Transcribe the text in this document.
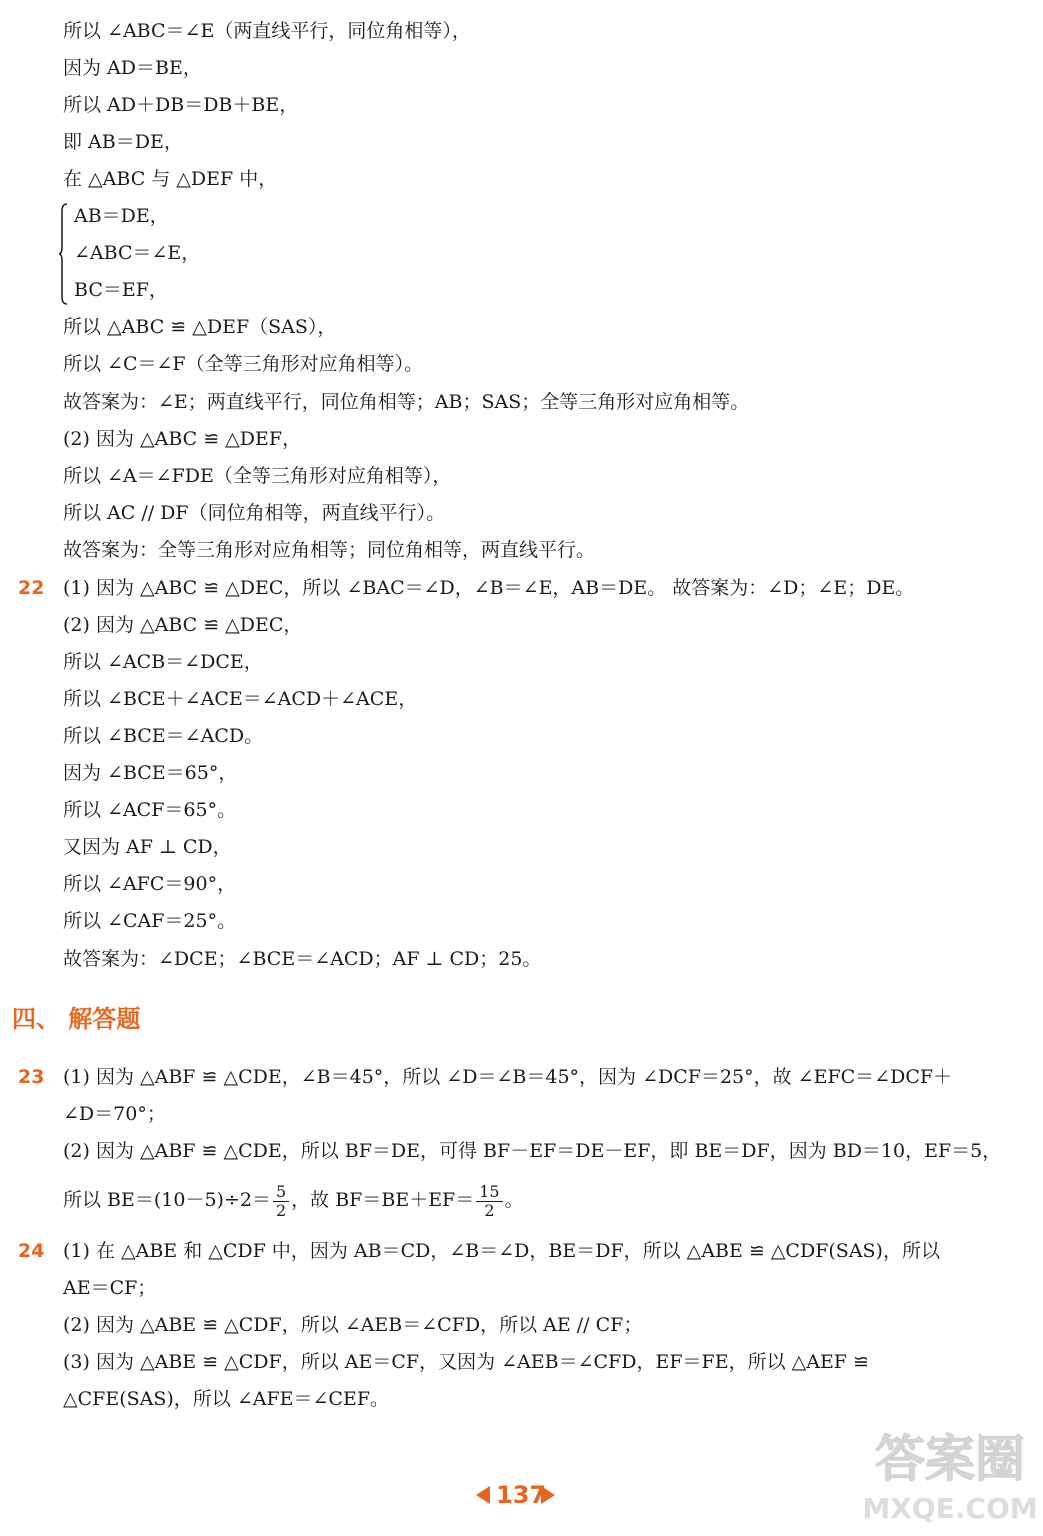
所以 ∠ABC＝∠E（两直线平行，同位角相等），
因为 AD＝BE，
所以 AD＋DB＝DB＋BE，
即 AB＝DE，
在 △ABC 与 △DEF 中，
AB＝DE，
∠ABC＝∠E，
BC＝EF，
所以 △ABC ≌ △DEF（SAS），
所以 ∠C＝∠F（全等三角形对应角相等）。
故答案为：∠E；两直线平行，同位角相等；AB；SAS；全等三角形对应角相等。
(2) 因为 △ABC ≌ △DEF，
所以 ∠A＝∠FDE（全等三角形对应角相等），
所以 AC // DF（同位角相等，两直线平行）。
故答案为：全等三角形对应角相等；同位角相等，两直线平行。
22 (1) 因为 △ABC ≌ △DEC，所以 ∠BAC＝∠D，∠B＝∠E，AB＝DE。 故答案为：∠D；∠E；DE。
(2) 因为 △ABC ≌ △DEC，
所以 ∠ACB＝∠DCE，
所以 ∠BCE＋∠ACE＝∠ACD＋∠ACE，
所以 ∠BCE＝∠ACD。
因为 ∠BCE＝65°，
所以 ∠ACF＝65°。
又因为 AF ⊥ CD，
所以 ∠AFC＝90°，
所以 ∠CAF＝25°。
故答案为：∠DCE；∠BCE＝∠ACD；AF ⊥ CD；25。
四、 解答题
23 (1) 因为 △ABF ≌ △CDE，∠B＝45°，所以 ∠D＝∠B＝45°，因为 ∠DCF＝25°，故 ∠EFC＝∠DCF＋
∠D＝70°；
(2) 因为 △ABF ≌ △CDE，所以 BF＝DE，可得 BF－EF＝DE－EF，即 BE＝DF，因为 BD＝10，EF＝5，
所以 $BE=(10-5)\div 2= \frac{5}{2}$ ，故 $BF=BE+EF= \frac{15}{2}$ 。
24 (1) 在 △ABE 和 △CDF 中，因为 AB＝CD，∠B＝∠D，BE＝DF，所以 △ABE ≌ △CDF(SAS)，所以
AE＝CF；
(2) 因为 △ABE ≌ △CDF，所以 ∠AEB＝∠CFD，所以 AE // CF；
(3) 因为 △ABE ≌ △CDF，所以 AE＝CF，又因为 ∠AEB＝∠CFD，EF＝FE，所以 △AEF ≌
△CFE(SAS)，所以 ∠AFE＝∠CEF。
137
答案圈
MXQE.COM
